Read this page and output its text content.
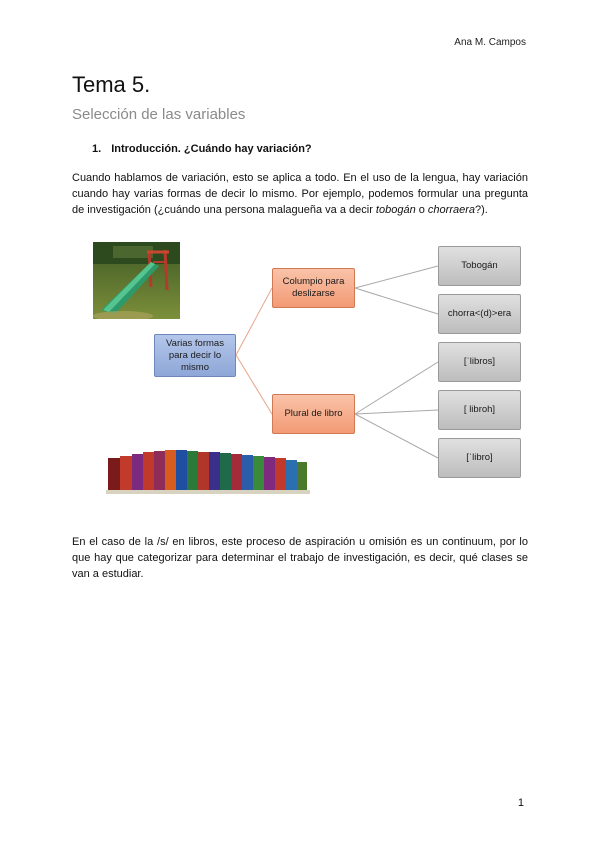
Ana M. Campos
Tema 5.
Selección de las variables
1. Introducción. ¿Cuándo hay variación?
Cuando hablamos de variación, esto se aplica a todo. En el uso de la lengua, hay variación cuando hay varias formas de decir lo mismo. Por ejemplo, podemos formular una pregunta de investigación (¿cuándo una persona malagueña va a decir tobogán o chorraera?).
Varias formas para decir lo mismo
Columpio para deslizarse
Plural de libro
Tobogán
chorra<(d)>era
[ˈlibros]
[ libroh]
[ˈlibro]
En el caso de la /s/ en libros, este proceso de aspiración u omisión es un continuum, por lo que hay que categorizar para determinar el trabajo de investigación, es decir, qué clases se van a estudiar.
1
